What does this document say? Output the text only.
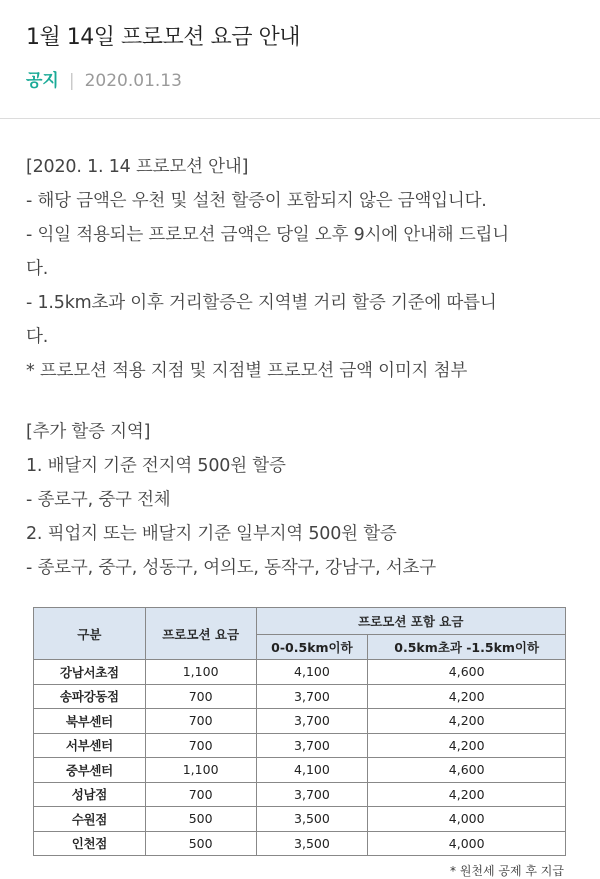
1월 14일 프로모션 요금 안내
공지 | 2020.01.13
[2020. 1. 14 프로모션 안내]
- 해당 금액은 우천 및 설천 할증이 포함되지 않은 금액입니다.
- 익일 적용되는 프로모션 금액은 당일 오후 9시에 안내해 드립니
다.
- 1.5km초과 이후 거리할증은 지역별 거리 할증 기준에 따릅니
다.
* 프로모션 적용 지점 및 지점별 프로모션 금액 이미지 첨부
[추가 할증 지역]
1. 배달지 기준 전지역 500원 할증
- 종로구, 중구 전체
2. 픽업지 또는 배달지 기준 일부지역 500원 할증
- 종로구, 중구, 성동구, 여의도, 동작구, 강남구, 서초구
구분	프로모션 요금	프로모션 포함 요금	
		0-0.5km이하	0.5km초과 -1.5km이하
강남서초점	1,100	4,100	4,600
송파강동점	700	3,700	4,200
북부센터	700	3,700	4,200
서부센터	700	3,700	4,200
중부센터	1,100	4,100	4,600
성남점	700	3,700	4,200
수원점	500	3,500	4,000
인천점	500	3,500	4,000
* 원천세 공제 후 지급
